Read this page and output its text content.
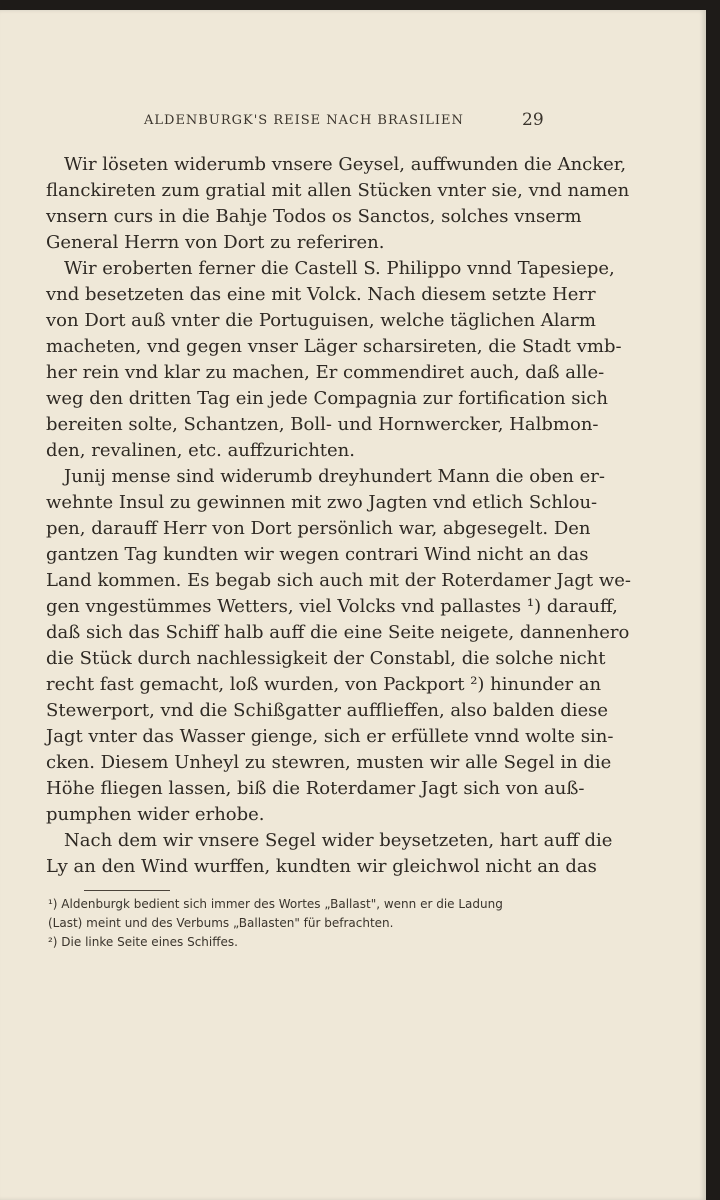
ALDENBURGK'S REISE NACH BRASILIEN	29
Wir löseten widerumb vnsere Geysel, auffwunden die Ancker,
flanckireten zum gratial mit allen Stücken vnter sie, vnd namen
vnsern curs in die Bahje Todos os Sanctos, solches vnserm
General Herrn von Dort zu referiren.
Wir eroberten ferner die Castell S. Philippo vnnd Tapesiepe,
vnd besetzeten das eine mit Volck. Nach diesem setzte Herr
von Dort auß vnter die Portuguisen, welche täglichen Alarm
macheten, vnd gegen vnser Läger scharsireten, die Stadt vmb-
her rein vnd klar zu machen, Er commendiret auch, daß alle-
weg den dritten Tag ein jede Compagnia zur fortification sich
bereiten solte, Schantzen, Boll- und Hornwercker, Halbmon-
den, revalinen, etc. auffzurichten.
Junij mense sind widerumb dreyhundert Mann die oben er-
wehnte Insul zu gewinnen mit zwo Jagten vnd etlich Schlou-
pen, darauff Herr von Dort persönlich war, abgesegelt. Den
gantzen Tag kundten wir wegen contrari Wind nicht an das
Land kommen. Es begab sich auch mit der Roterdamer Jagt we-
gen vngestümmes Wetters, viel Volcks vnd pallastes ¹) darauff,
daß sich das Schiff halb auff die eine Seite neigete, dannenhero
die Stück durch nachlessigkeit der Constabl, die solche nicht
recht fast gemacht, loß wurden, von Packport ²) hinunder an
Stewerport, vnd die Schißgatter aufflieffen, also balden diese
Jagt vnter das Wasser gienge, sich er erfüllete vnnd wolte sin-
cken. Diesem Unheyl zu stewren, musten wir alle Segel in die
Höhe fliegen lassen, biß die Roterdamer Jagt sich von auß-
pumphen wider erhobe.
Nach dem wir vnsere Segel wider beysetzeten, hart auff die
Ly an den Wind wurffen, kundten wir gleichwol nicht an das
¹) Aldenburgk bedient sich immer des Wortes „Ballast", wenn er die Ladung
(Last) meint und des Verbums „Ballasten" für befrachten.
²) Die linke Seite eines Schiffes.
